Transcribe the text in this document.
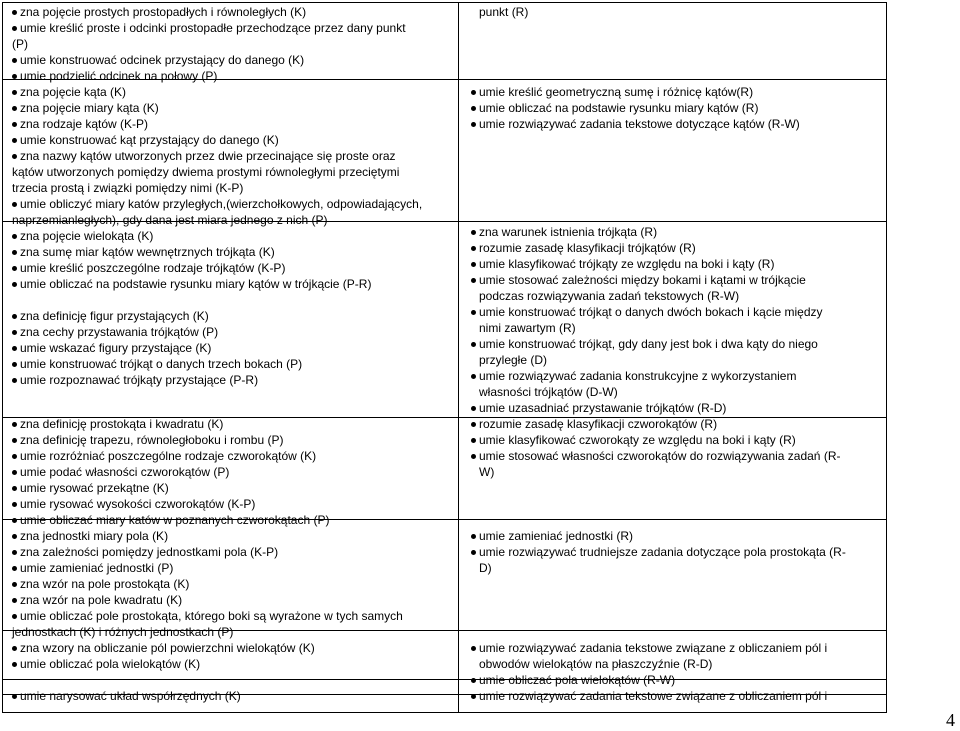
zna pojęcie prostych prostopadłych i równoległych (K)
umie kreślić proste i odcinki prostopadłe przechodzące przez dany punkt
(P)
umie konstruować odcinek przystający do danego (K)
umie podzielić odcinek na połowy (P)
zna pojęcie kąta (K)
zna pojęcie miary kąta (K)
zna rodzaje kątów (K-P)
umie konstruować kąt przystający do danego (K)
zna nazwy kątów utworzonych przez dwie przecinające się proste oraz
kątów utworzonych pomiędzy dwiema prostymi równoległymi przeciętymi
trzecia prostą i związki pomiędzy nimi (K-P)
umie obliczyć miary katów przyległych,(wierzchołkowych, odpowiadających,
naprzemianległych), gdy dana jest miara jednego z nich (P)
zna pojęcie wielokąta (K)
zna sumę miar kątów wewnętrznych trójkąta (K)
umie kreślić poszczególne rodzaje trójkątów (K-P)
umie obliczać na podstawie rysunku miary kątów w trójkącie (P-R)
zna definicję figur przystających (K)
zna cechy przystawania trójkątów (P)
umie wskazać figury przystające (K)
umie konstruować trójkąt o danych trzech bokach (P)
umie rozpoznawać trójkąty przystające (P-R)
zna definicję prostokąta i kwadratu (K)
zna definicję trapezu, równoległoboku i rombu (P)
umie rozróżniać poszczególne rodzaje czworokątów (K)
umie podać własności czworokątów (P)
umie rysować przekątne (K)
umie rysować wysokości czworokątów (K-P)
umie obliczać miary katów w poznanych czworokątach (P)
zna jednostki miary pola (K)
zna zależności pomiędzy jednostkami pola (K-P)
umie zamieniać jednostki (P)
zna wzór na pole prostokąta (K)
zna wzór na pole kwadratu (K)
umie obliczać pole prostokąta, którego boki są wyrażone w tych samych
jednostkach (K) i różnych jednostkach (P)
zna wzory na obliczanie pól powierzchni wielokątów (K)
umie obliczać pola wielokątów (K)
umie narysować układ współrzędnych (K)
punkt (R)
umie kreślić geometryczną sumę i różnicę kątów(R)
umie obliczać na podstawie rysunku miary kątów (R)
umie rozwiązywać zadania tekstowe dotyczące kątów (R-W)
zna warunek istnienia trójkąta (R)
rozumie zasadę klasyfikacji trójkątów (R)
umie klasyfikować trójkąty ze względu na boki i kąty (R)
umie stosować zależności między bokami i kątami w trójkącie
podczas rozwiązywania zadań tekstowych (R-W)
umie konstruować trójkąt o danych dwóch bokach i kącie między
nimi zawartym (R)
umie konstruować trójkąt, gdy dany jest bok i dwa kąty do niego
przyległe (D)
umie rozwiązywać zadania konstrukcyjne z wykorzystaniem
własności trójkątów (D-W)
umie uzasadniać przystawanie trójkątów (R-D)
rozumie zasadę klasyfikacji czworokątów (R)
umie klasyfikować czworokąty ze względu na boki i kąty (R)
umie stosować własności czworokątów do rozwiązywania zadań (R-
W)
umie zamieniać jednostki (R)
umie rozwiązywać trudniejsze zadania dotyczące pola prostokąta (R-
D)
umie rozwiązywać zadania tekstowe związane z obliczaniem pól i
obwodów wielokątów na płaszczyźnie (R-D)
umie obliczać pola wielokątów (R-W)
umie rozwiązywać zadania tekstowe związane z obliczaniem pól i
4
